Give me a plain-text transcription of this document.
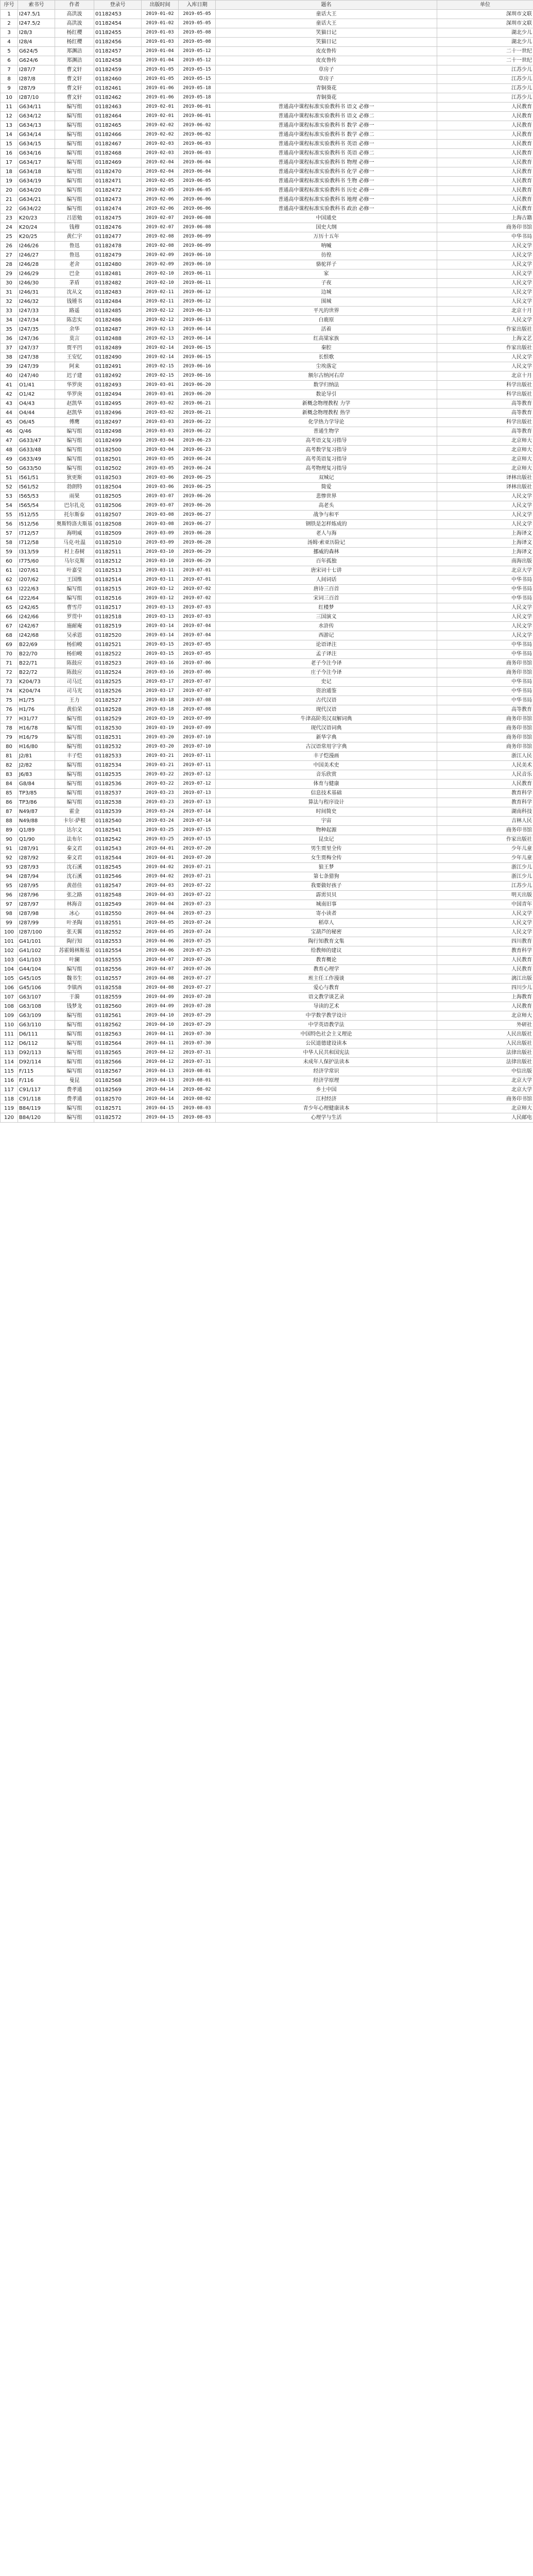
序号	索书号	作者	登录号	出版时间	入库日期	题名	单位
1	I247.5/1	高洪波	01182453	2019-01-02	2019-05-05	童话大王	深圳市文联
2	I247.5/2	高洪波	01182454	2019-01-02	2019-05-05	童话大王	深圳市文联
3	I28/3	杨红樱	01182455	2019-01-03	2019-05-08	笑猫日记	湖北少儿
4	I28/4	杨红樱	01182456	2019-01-03	2019-05-08	笑猫日记	湖北少儿
5	G624/5	郑渊洁	01182457	2019-01-04	2019-05-12	皮皮鲁传	二十一世纪
6	G624/6	郑渊洁	01182458	2019-01-04	2019-05-12	皮皮鲁传	二十一世纪
7	I287/7	曹文轩	01182459	2019-01-05	2019-05-15	草房子	江苏少儿
8	I287/8	曹文轩	01182460	2019-01-05	2019-05-15	草房子	江苏少儿
9	I287/9	曹文轩	01182461	2019-01-06	2019-05-18	青铜葵花	江苏少儿
10	I287/10	曹文轩	01182462	2019-01-06	2019-05-18	青铜葵花	江苏少儿
11	G634/11	编写组	01182463	2019-02-01	2019-06-01	普通高中课程标准实验教科书 语文 必修一	人民教育
12	G634/12	编写组	01182464	2019-02-01	2019-06-01	普通高中课程标准实验教科书 语文 必修二	人民教育
13	G634/13	编写组	01182465	2019-02-02	2019-06-02	普通高中课程标准实验教科书 数学 必修一	人民教育
14	G634/14	编写组	01182466	2019-02-02	2019-06-02	普通高中课程标准实验教科书 数学 必修二	人民教育
15	G634/15	编写组	01182467	2019-02-03	2019-06-03	普通高中课程标准实验教科书 英语 必修一	人民教育
16	G634/16	编写组	01182468	2019-02-03	2019-06-03	普通高中课程标准实验教科书 英语 必修二	人民教育
17	G634/17	编写组	01182469	2019-02-04	2019-06-04	普通高中课程标准实验教科书 物理 必修一	人民教育
18	G634/18	编写组	01182470	2019-02-04	2019-06-04	普通高中课程标准实验教科书 化学 必修一	人民教育
19	G634/19	编写组	01182471	2019-02-05	2019-06-05	普通高中课程标准实验教科书 生物 必修一	人民教育
20	G634/20	编写组	01182472	2019-02-05	2019-06-05	普通高中课程标准实验教科书 历史 必修一	人民教育
21	G634/21	编写组	01182473	2019-02-06	2019-06-06	普通高中课程标准实验教科书 地理 必修一	人民教育
22	G634/22	编写组	01182474	2019-02-06	2019-06-06	普通高中课程标准实验教科书 政治 必修一	人民教育
23	K20/23	吕思勉	01182475	2019-02-07	2019-06-08	中国通史	上海古籍
24	K20/24	钱穆	01182476	2019-02-07	2019-06-08	国史大纲	商务印书馆
25	K20/25	黄仁宇	01182477	2019-02-08	2019-06-09	万历十五年	中华书局
26	I246/26	鲁迅	01182478	2019-02-08	2019-06-09	呐喊	人民文学
27	I246/27	鲁迅	01182479	2019-02-09	2019-06-10	彷徨	人民文学
28	I246/28	老舍	01182480	2019-02-09	2019-06-10	骆驼祥子	人民文学
29	I246/29	巴金	01182481	2019-02-10	2019-06-11	家	人民文学
30	I246/30	茅盾	01182482	2019-02-10	2019-06-11	子夜	人民文学
31	I246/31	沈从文	01182483	2019-02-11	2019-06-12	边城	人民文学
32	I246/32	钱锺书	01182484	2019-02-11	2019-06-12	围城	人民文学
33	I247/33	路遥	01182485	2019-02-12	2019-06-13	平凡的世界	北京十月
34	I247/34	陈忠实	01182486	2019-02-12	2019-06-13	白鹿原	人民文学
35	I247/35	余华	01182487	2019-02-13	2019-06-14	活着	作家出版社
36	I247/36	莫言	01182488	2019-02-13	2019-06-14	红高粱家族	上海文艺
37	I247/37	贾平凹	01182489	2019-02-14	2019-06-15	秦腔	作家出版社
38	I247/38	王安忆	01182490	2019-02-14	2019-06-15	长恨歌	人民文学
39	I247/39	阿来	01182491	2019-02-15	2019-06-16	尘埃落定	人民文学
40	I247/40	迟子建	01182492	2019-02-15	2019-06-16	额尔古纳河右岸	北京十月
41	O1/41	华罗庚	01182493	2019-03-01	2019-06-20	数学归纳法	科学出版社
42	O1/42	华罗庚	01182494	2019-03-01	2019-06-20	数论导引	科学出版社
43	O4/43	赵凯华	01182495	2019-03-02	2019-06-21	新概念物理教程 力学	高等教育
44	O4/44	赵凯华	01182496	2019-03-02	2019-06-21	新概念物理教程 热学	高等教育
45	O6/45	傅鹰	01182497	2019-03-03	2019-06-22	化学热力学导论	科学出版社
46	Q/46	编写组	01182498	2019-03-03	2019-06-22	普通生物学	高等教育
47	G633/47	编写组	01182499	2019-03-04	2019-06-23	高考语文复习指导	北京师大
48	G633/48	编写组	01182500	2019-03-04	2019-06-23	高考数学复习指导	北京师大
49	G633/49	编写组	01182501	2019-03-05	2019-06-24	高考英语复习指导	北京师大
50	G633/50	编写组	01182502	2019-03-05	2019-06-24	高考物理复习指导	北京师大
51	I561/51	狄更斯	01182503	2019-03-06	2019-06-25	双城记	译林出版社
52	I561/52	勃朗特	01182504	2019-03-06	2019-06-25	简爱	译林出版社
53	I565/53	雨果	01182505	2019-03-07	2019-06-26	悲惨世界	人民文学
54	I565/54	巴尔扎克	01182506	2019-03-07	2019-06-26	高老头	人民文学
55	I512/55	托尔斯泰	01182507	2019-03-08	2019-06-27	战争与和平	人民文学
56	I512/56	奥斯特洛夫斯基	01182508	2019-03-08	2019-06-27	钢铁是怎样炼成的	人民文学
57	I712/57	海明威	01182509	2019-03-09	2019-06-28	老人与海	上海译文
58	I712/58	马克·吐温	01182510	2019-03-09	2019-06-28	汤姆·索亚历险记	上海译文
59	I313/59	村上春树	01182511	2019-03-10	2019-06-29	挪威的森林	上海译文
60	I775/60	马尔克斯	01182512	2019-03-10	2019-06-29	百年孤独	南海出版
61	I207/61	叶嘉莹	01182513	2019-03-11	2019-07-01	唐宋词十七讲	北京大学
62	I207/62	王国维	01182514	2019-03-11	2019-07-01	人间词话	中华书局
63	I222/63	编写组	01182515	2019-03-12	2019-07-02	唐诗三百首	中华书局
64	I222/64	编写组	01182516	2019-03-12	2019-07-02	宋词三百首	中华书局
65	I242/65	曹雪芹	01182517	2019-03-13	2019-07-03	红楼梦	人民文学
66	I242/66	罗贯中	01182518	2019-03-13	2019-07-03	三国演义	人民文学
67	I242/67	施耐庵	01182519	2019-03-14	2019-07-04	水浒传	人民文学
68	I242/68	吴承恩	01182520	2019-03-14	2019-07-04	西游记	人民文学
69	B22/69	杨伯峻	01182521	2019-03-15	2019-07-05	论语译注	中华书局
70	B22/70	杨伯峻	01182522	2019-03-15	2019-07-05	孟子译注	中华书局
71	B22/71	陈鼓应	01182523	2019-03-16	2019-07-06	老子今注今译	商务印书馆
72	B22/72	陈鼓应	01182524	2019-03-16	2019-07-06	庄子今注今译	商务印书馆
73	K204/73	司马迁	01182525	2019-03-17	2019-07-07	史记	中华书局
74	K204/74	司马光	01182526	2019-03-17	2019-07-07	资治通鉴	中华书局
75	H1/75	王力	01182527	2019-03-18	2019-07-08	古代汉语	中华书局
76	H1/76	黄伯荣	01182528	2019-03-18	2019-07-08	现代汉语	高等教育
77	H31/77	编写组	01182529	2019-03-19	2019-07-09	牛津高阶英汉双解词典	商务印书馆
78	H16/78	编写组	01182530	2019-03-19	2019-07-09	现代汉语词典	商务印书馆
79	H16/79	编写组	01182531	2019-03-20	2019-07-10	新华字典	商务印书馆
80	H16/80	编写组	01182532	2019-03-20	2019-07-10	古汉语常用字字典	商务印书馆
81	J2/81	丰子恺	01182533	2019-03-21	2019-07-11	丰子恺漫画	浙江人民
82	J2/82	编写组	01182534	2019-03-21	2019-07-11	中国美术史	人民美术
83	J6/83	编写组	01182535	2019-03-22	2019-07-12	音乐欣赏	人民音乐
84	G8/84	编写组	01182536	2019-03-22	2019-07-12	体育与健康	人民教育
85	TP3/85	编写组	01182537	2019-03-23	2019-07-13	信息技术基础	教育科学
86	TP3/86	编写组	01182538	2019-03-23	2019-07-13	算法与程序设计	教育科学
87	N49/87	霍金	01182539	2019-03-24	2019-07-14	时间简史	湖南科技
88	N49/88	卡尔·萨根	01182540	2019-03-24	2019-07-14	宇宙	吉林人民
89	Q1/89	达尔文	01182541	2019-03-25	2019-07-15	物种起源	商务印书馆
90	Q1/90	法布尔	01182542	2019-03-25	2019-07-15	昆虫记	作家出版社
91	I287/91	秦文君	01182543	2019-04-01	2019-07-20	男生贾里全传	少年儿童
92	I287/92	秦文君	01182544	2019-04-01	2019-07-20	女生贾梅全传	少年儿童
93	I287/93	沈石溪	01182545	2019-04-02	2019-07-21	狼王梦	浙江少儿
94	I287/94	沈石溪	01182546	2019-04-02	2019-07-21	第七条猎狗	浙江少儿
95	I287/95	黄蓓佳	01182547	2019-04-03	2019-07-22	我要做好孩子	江苏少儿
96	I287/96	张之路	01182548	2019-04-03	2019-07-22	霹雳贝贝	明天出版
97	I287/97	林海音	01182549	2019-04-04	2019-07-23	城南旧事	中国青年
98	I287/98	冰心	01182550	2019-04-04	2019-07-23	寄小读者	人民文学
99	I287/99	叶圣陶	01182551	2019-04-05	2019-07-24	稻草人	人民文学
100	I287/100	张天翼	01182552	2019-04-05	2019-07-24	宝葫芦的秘密	人民文学
101	G41/101	陶行知	01182553	2019-04-06	2019-07-25	陶行知教育文集	四川教育
102	G41/102	苏霍姆林斯基	01182554	2019-04-06	2019-07-25	给教师的建议	教育科学
103	G41/103	叶澜	01182555	2019-04-07	2019-07-26	教育概论	人民教育
104	G44/104	编写组	01182556	2019-04-07	2019-07-26	教育心理学	人民教育
105	G45/105	魏书生	01182557	2019-04-08	2019-07-27	班主任工作漫谈	漓江出版
106	G45/106	李镇西	01182558	2019-04-08	2019-07-27	爱心与教育	四川少儿
107	G63/107	于漪	01182559	2019-04-09	2019-07-28	语文教学谈艺录	上海教育
108	G63/108	钱梦龙	01182560	2019-04-09	2019-07-28	导读的艺术	人民教育
109	G63/109	编写组	01182561	2019-04-10	2019-07-29	中学数学教学设计	北京师大
110	G63/110	编写组	01182562	2019-04-10	2019-07-29	中学英语教学法	外研社
111	D6/111	编写组	01182563	2019-04-11	2019-07-30	中国特色社会主义理论	人民出版社
112	D6/112	编写组	01182564	2019-04-11	2019-07-30	公民道德建设读本	人民出版社
113	D92/113	编写组	01182565	2019-04-12	2019-07-31	中华人民共和国宪法	法律出版社
114	D92/114	编写组	01182566	2019-04-12	2019-07-31	未成年人保护法读本	法律出版社
115	F/115	编写组	01182567	2019-04-13	2019-08-01	经济学常识	中信出版
116	F/116	曼昆	01182568	2019-04-13	2019-08-01	经济学原理	北京大学
117	C91/117	费孝通	01182569	2019-04-14	2019-08-02	乡土中国	北京大学
118	C91/118	费孝通	01182570	2019-04-14	2019-08-02	江村经济	商务印书馆
119	B84/119	编写组	01182571	2019-04-15	2019-08-03	青少年心理健康读本	北京师大
120	B84/120	编写组	01182572	2019-04-15	2019-08-03	心理学与生活	人民邮电
